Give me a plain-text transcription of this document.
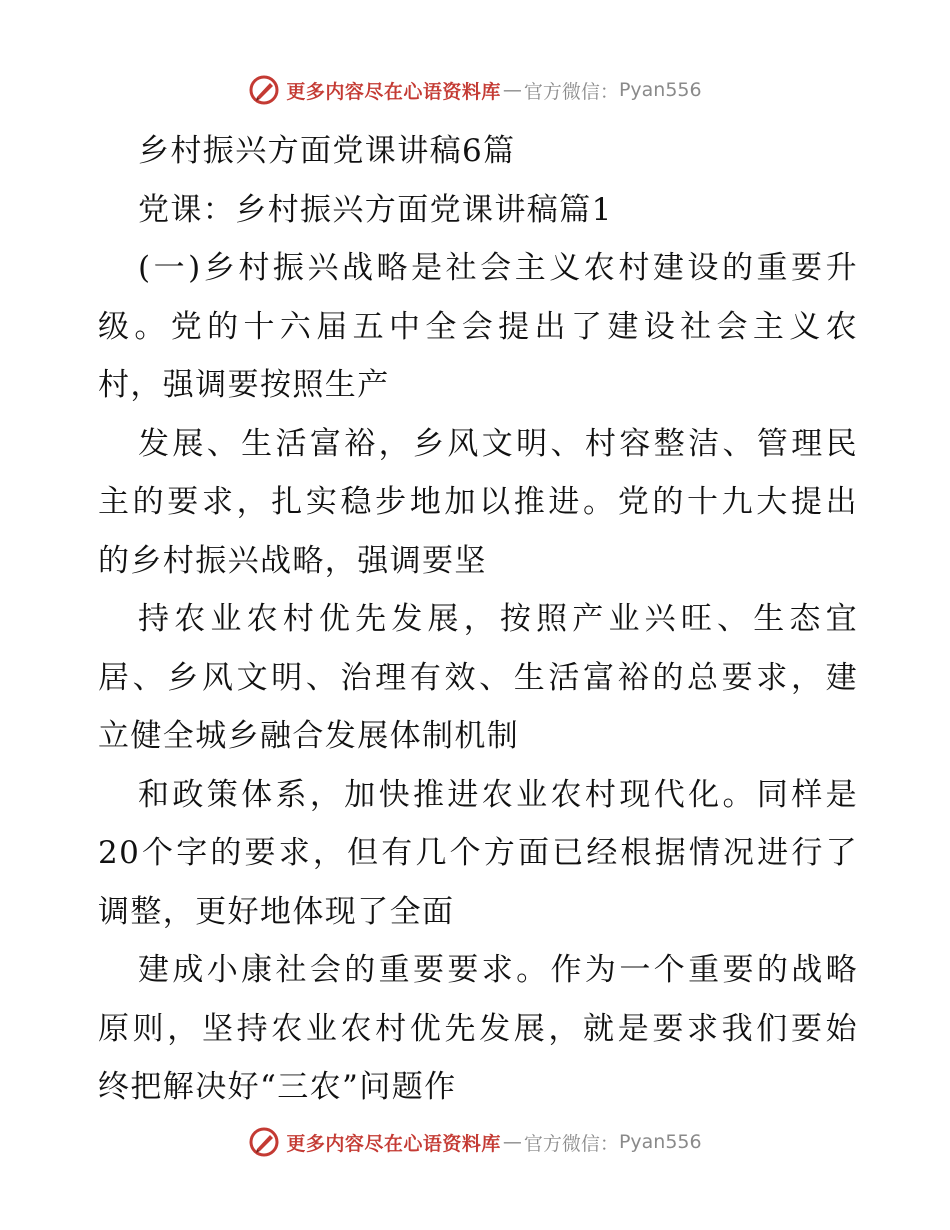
更多内容尽在心语资料库 — 官方微信： Pyan556
乡村振兴方面党课讲稿6篇
党课：乡村振兴方面党课讲稿篇1
(一)乡村振兴战略是社会主义农村建设的重要升
级。党的十六届五中全会提出了建设社会主义农
村，强调要按照生产
发展、生活富裕，乡风文明、村容整洁、管理民
主的要求，扎实稳步地加以推进。党的十九大提出
的乡村振兴战略，强调要坚
持农业农村优先发展，按照产业兴旺、生态宜
居、乡风文明、治理有效、生活富裕的总要求，建
立健全城乡融合发展体制机制
和政策体系，加快推进农业农村现代化。同样是
20个字的要求，但有几个方面已经根据情况进行了
调整，更好地体现了全面
建成小康社会的重要要求。作为一个重要的战略
原则，坚持农业农村优先发展，就是要求我们要始
终把解决好“三农”问题作
更多内容尽在心语资料库 — 官方微信： Pyan556
